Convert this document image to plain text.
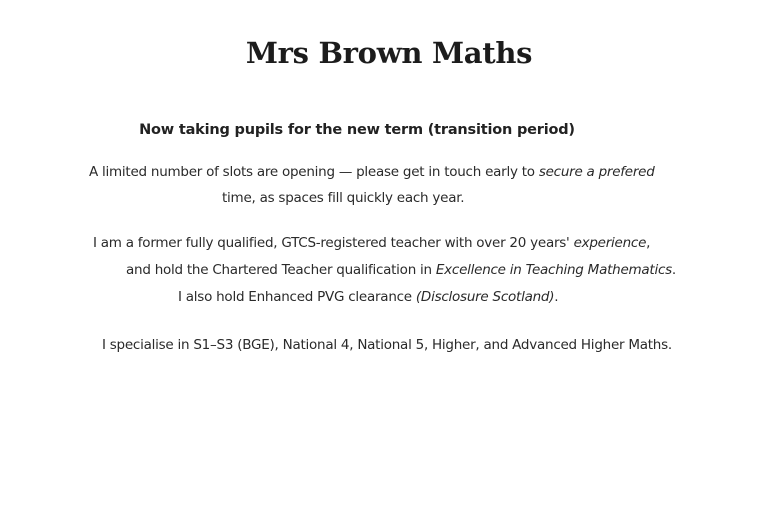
Mrs Brown Maths
Now taking pupils for the new term (transition period)

A limited number of slots are opening — please get in touch early to secure a prefered

time, as spaces fill quickly each year.

I am a former fully qualified, GTCS-registered teacher with over 20 years' experience,

and hold the Chartered Teacher qualification in Excellence in Teaching Mathematics.

I also hold Enhanced PVG clearance (Disclosure Scotland).

I specialise in S1–S3 (BGE), National 4, National 5, Higher, and Advanced Higher Maths.
